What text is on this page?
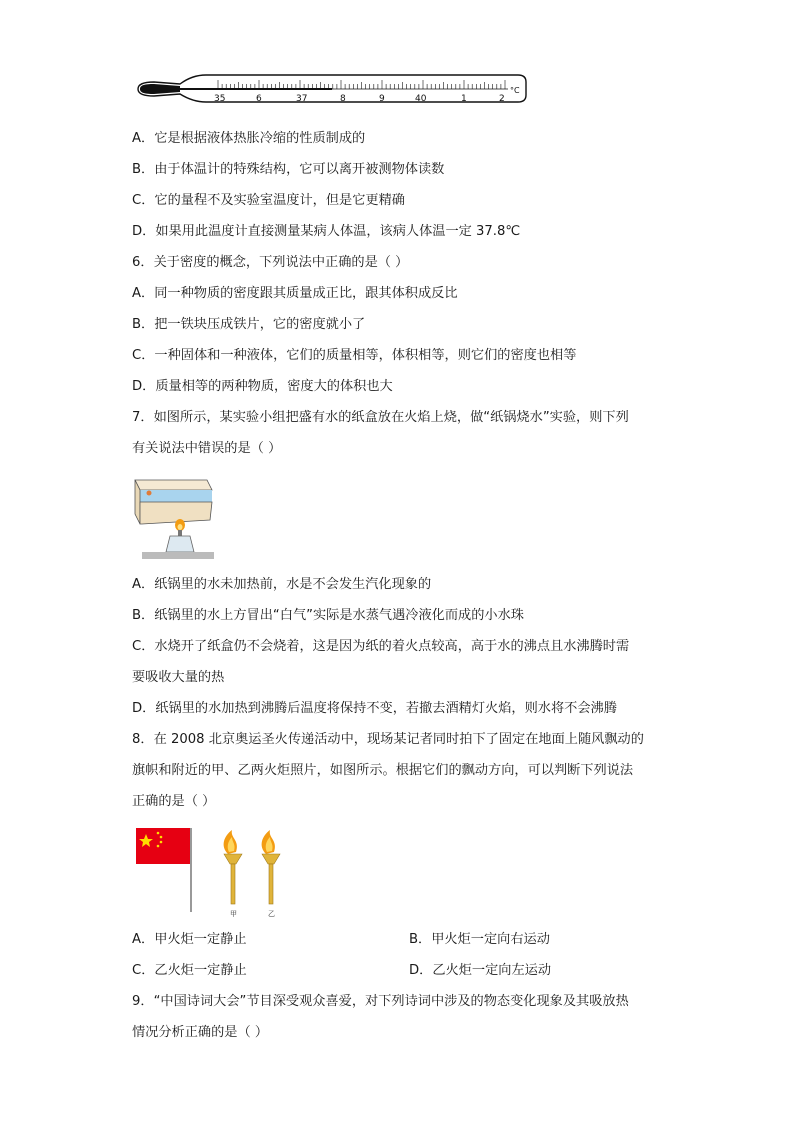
35	6	37	8	9	40	1	2
°C
A．它是根据液体热胀冷缩的性质制成的
B．由于体温计的特殊结构，它可以离开被测物体读数
C．它的量程不及实验室温度计，但是它更精确
D．如果用此温度计直接测量某病人体温，该病人体温一定 37.8℃
6．关于密度的概念，下列说法中正确的是（ ）
A．同一种物质的密度跟其质量成正比，跟其体积成反比
B．把一铁块压成铁片，它的密度就小了
C．一种固体和一种液体，它们的质量相等，体积相等，则它们的密度也相等
D．质量相等的两种物质，密度大的体积也大
7．如图所示，某实验小组把盛有水的纸盒放在火焰上烧，做“纸锅烧水”实验，则下列
有关说法中错误的是（ ）
A．纸锅里的水未加热前，水是不会发生汽化现象的
B．纸锅里的水上方冒出“白气”实际是水蒸气遇冷液化而成的小水珠
C．水烧开了纸盒仍不会烧着，这是因为纸的着火点较高，高于水的沸点且水沸腾时需
要吸收大量的热
D．纸锅里的水加热到沸腾后温度将保持不变，若撤去酒精灯火焰，则水将不会沸腾
8．在 2008 北京奥运圣火传递活动中，现场某记者同时拍下了固定在地面上随风飘动的
旗帜和附近的甲、乙两火炬照片，如图所示。根据它们的飘动方向，可以判断下列说法
正确的是（ ）
甲	乙
A．甲火炬一定静止	B．甲火炬一定向右运动
C．乙火炬一定静止	D．乙火炬一定向左运动
9．“中国诗词大会”节目深受观众喜爱，对下列诗词中涉及的物态变化现象及其吸放热
情况分析正确的是（ ）
